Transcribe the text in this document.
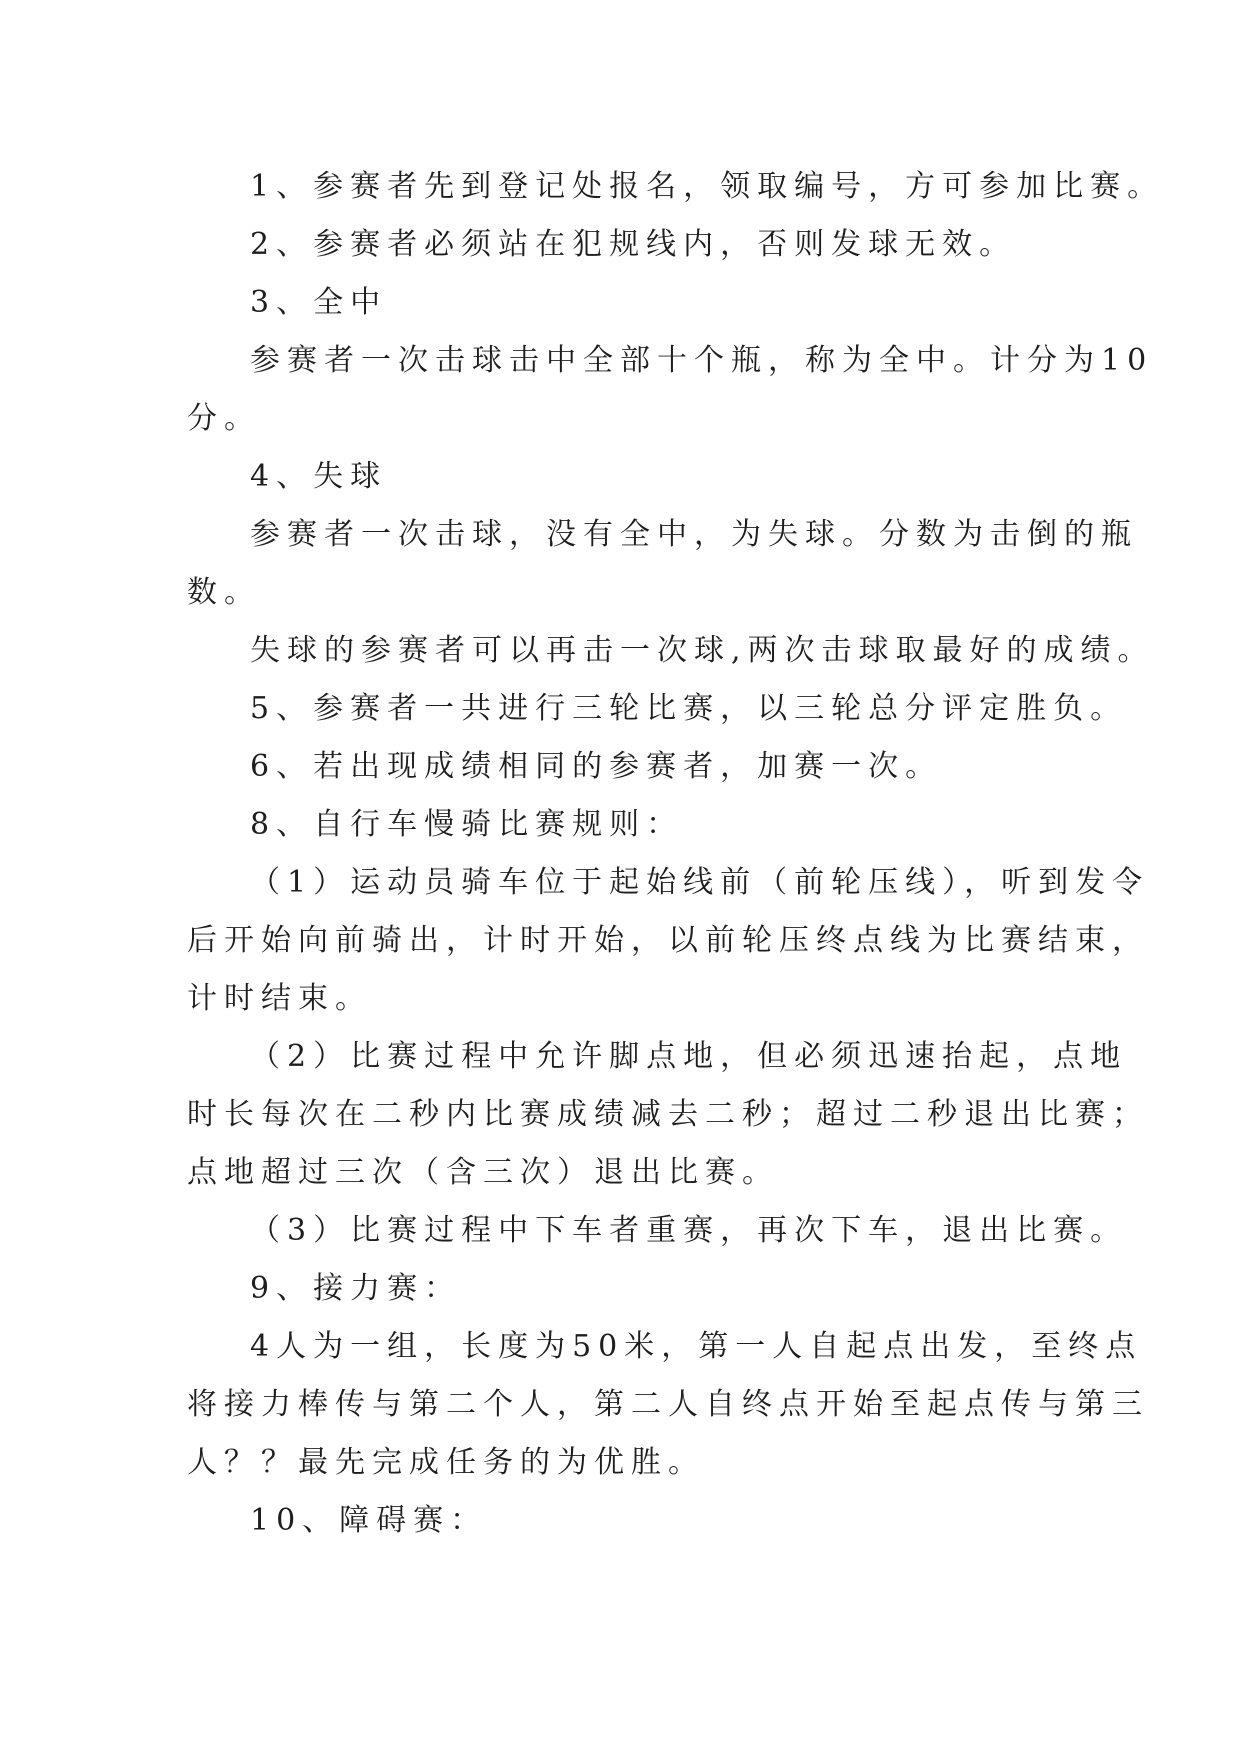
1、参赛者先到登记处报名，领取编号，方可参加比赛。
2、参赛者必须站在犯规线内，否则发球无效。
3、全中
参赛者一次击球击中全部十个瓶，称为全中。计分为10
分。
4、失球
参赛者一次击球，没有全中，为失球。分数为击倒的瓶
数。
失球的参赛者可以再击一次球,两次击球取最好的成绩。
5、参赛者一共进行三轮比赛，以三轮总分评定胜负。
6、若出现成绩相同的参赛者，加赛一次。
8、自行车慢骑比赛规则：
（1）运动员骑车位于起始线前（前轮压线），听到发令
后开始向前骑出，计时开始，以前轮压终点线为比赛结束，
计时结束。
（2）比赛过程中允许脚点地，但必须迅速抬起，点地
时长每次在二秒内比赛成绩减去二秒；超过二秒退出比赛；
点地超过三次（含三次）退出比赛。
（3）比赛过程中下车者重赛，再次下车，退出比赛。
9、接力赛：
4人为一组，长度为50米，第一人自起点出发，至终点
将接力棒传与第二个人，第二人自终点开始至起点传与第三
人？？最先完成任务的为优胜。
10、障碍赛：
